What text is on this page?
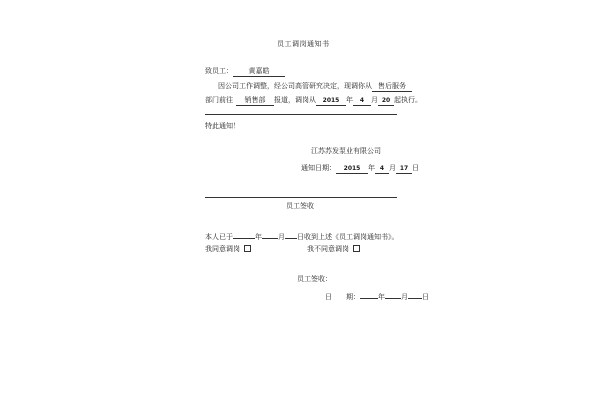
员工调岗通知书
致员工： 黄嘉皓
因公司工作调整，经公司高管研究决定，现调你从 售后服务
部门前往 销售部 报道，调岗从 2015 年 4 月 20 起执行。
特此通知！
江苏苏发泵业有限公司
通知日期： 2015 年 4 月 17 日
员工签收
本人已于	年 月 日收到上述《员工调岗通知书》。
我同意调岗	我不同意调岗
员工签收：
日　　期：	年 月 日
